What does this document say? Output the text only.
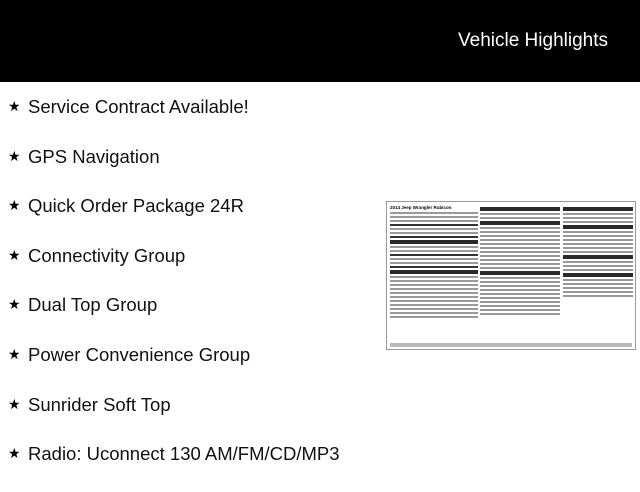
Vehicle Highlights
★ Service Contract Available!
★ GPS Navigation
★ Quick Order Package 24R
★ Connectivity Group
★ Dual Top Group
★ Power Convenience Group
★ Sunrider Soft Top
★ Radio: Uconnect 130 AM/FM/CD/MP3
2014 Jeep Wrangler Rubicon
